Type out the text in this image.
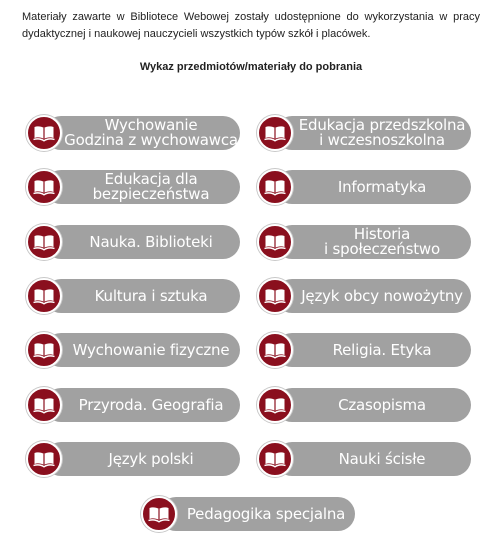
Materiały zawarte w Bibliotece Webowej zostały udostępnione do wykorzystania w pracy dydaktycznej i naukowej nauczycieli wszystkich typów szkół i placówek.

Wykaz przedmiotów/materiały do pobrania

Wychowanie
Godzina z wychowawcą
Edukacja przedszkolna
i wczesnoszkolna
Edukacja dla
bezpieczeństwa	Informatyka
Nauka. Biblioteki	Historia
i społeczeństwo
Kultura i sztuka	Język obcy nowożytny
Wychowanie fizyczne	Religia. Etyka
Przyroda. Geografia	Czasopisma
Język polski	Nauki ścisłe
Pedagogika specjalna
